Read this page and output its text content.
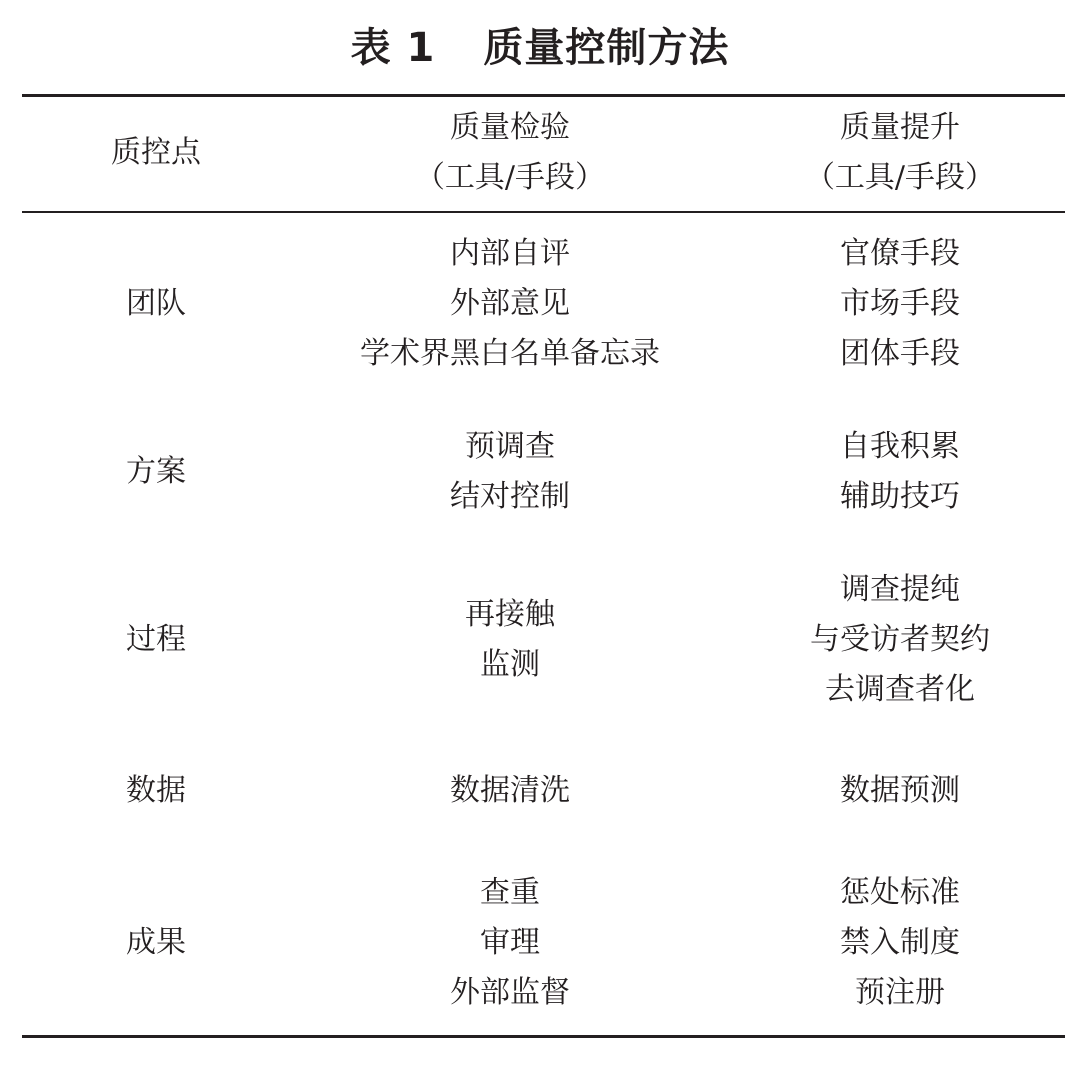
表 1 质量控制方法
质控点
质量检验
（工具/手段）
质量提升
（工具/手段）
团队
内部自评
外部意见
学术界黑白名单备忘录
官僚手段
市场手段
团体手段
方案
预调查
结对控制
自我积累
辅助技巧
过程
再接触
监测
调查提纯
与受访者契约
去调查者化
数据	数据清洗	数据预测
成果
查重
审理
外部监督
惩处标准
禁入制度
预注册
